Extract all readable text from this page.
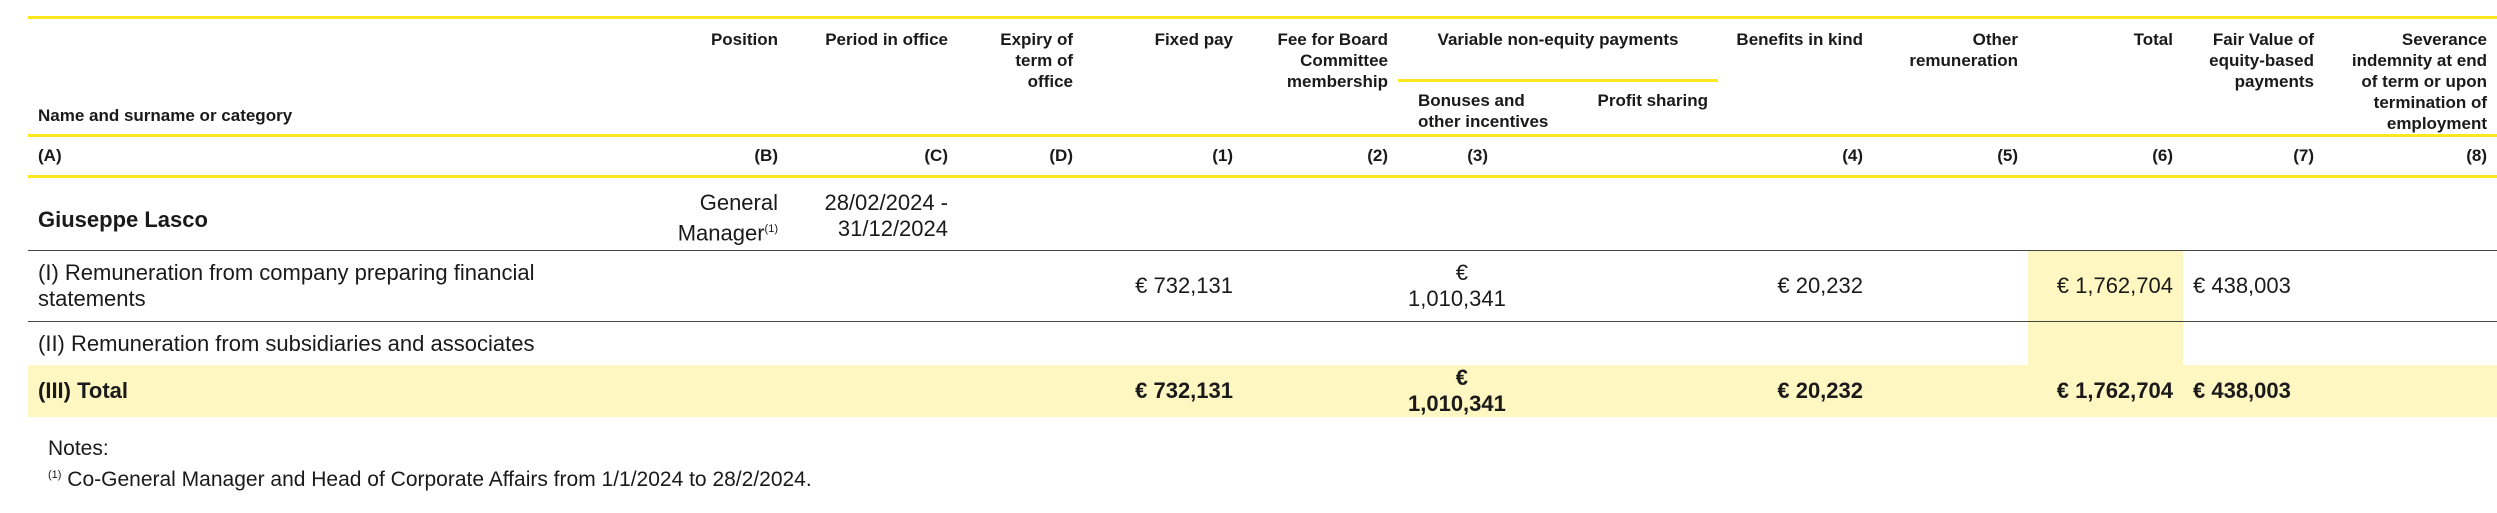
Name and surname or category	Position	Period in office	Expiry of term of office	Fixed pay	Fee for Board Committee membership	Variable non-equity payments		Benefits in kind	Other remuneration	Total	Fair Value of equity-based payments	Severance indemnity at end of term or upon termination of employment
						Bonuses and other incentives	Profit sharing					
(A)	(B)	(C)	(D)	(1)	(2)	(3)		(4)	(5)	(6)	(7)	(8)
Giuseppe Lasco	General Manager$^{(1)}$	28/02/2024 - 31/12/2024										
(I) Remuneration from company preparing financial statements				€ 732,131		€ 1,010,341		€ 20,232		€ 1,762,704	€ 438,003	
(II) Remuneration from subsidiaries and associates												
(III) Total				€ 732,131		€ 1,010,341		€ 20,232		€ 1,762,704	€ 438,003	
Notes:
$^{(1)}$ Co-General Manager and Head of Corporate Affairs from 1/1/2024 to 28/2/2024.
